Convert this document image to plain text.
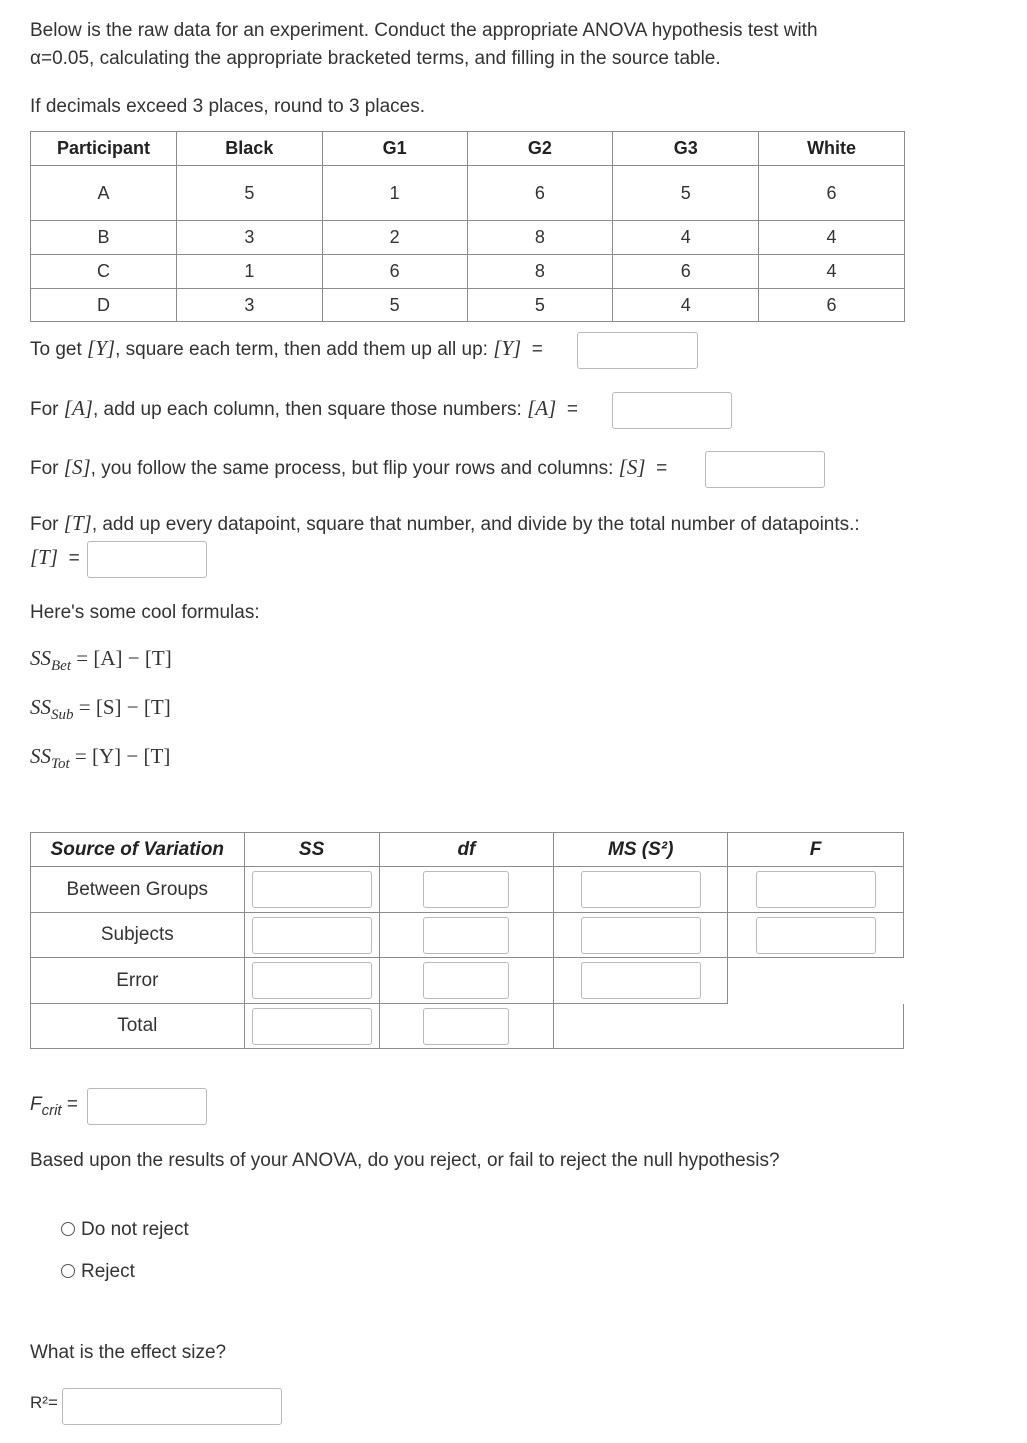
Below is the raw data for an experiment. Conduct the appropriate ANOVA hypothesis test with

α=0.05, calculating the appropriate bracketed terms, and filling in the source table.

If decimals exceed 3 places, round to 3 places.

Participant	Black	G1	G2	G3	White
A	5	1	6	5	6
B	3	2	8	4	4
C	1	6	8	6	4
D	3	5	5	4	6
To get [Y], square each term, then add them up all up: [Y] =
For [A], add up each column, then square those numbers: [A] =
For [S], you follow the same process, but flip your rows and columns: [S] =
For [T], add up every datapoint, square that number, and divide by the total number of datapoints.:
[T] =

Here's some cool formulas:

$SS_{Bet} = [A] - [T]$
$SS_{Sub} = [S] - [T]$
$SS_{Tot} = [Y] - [T]$
Source of Variation	SS	df	MS (S²)	F
Between Groups	

Subjects	

Error	

Total	

$F_{crit}$ =

Based upon the results of your ANOVA, do you reject, or fail to reject the null hypothesis?

Do not reject
Reject

What is the effect size?

R²=
